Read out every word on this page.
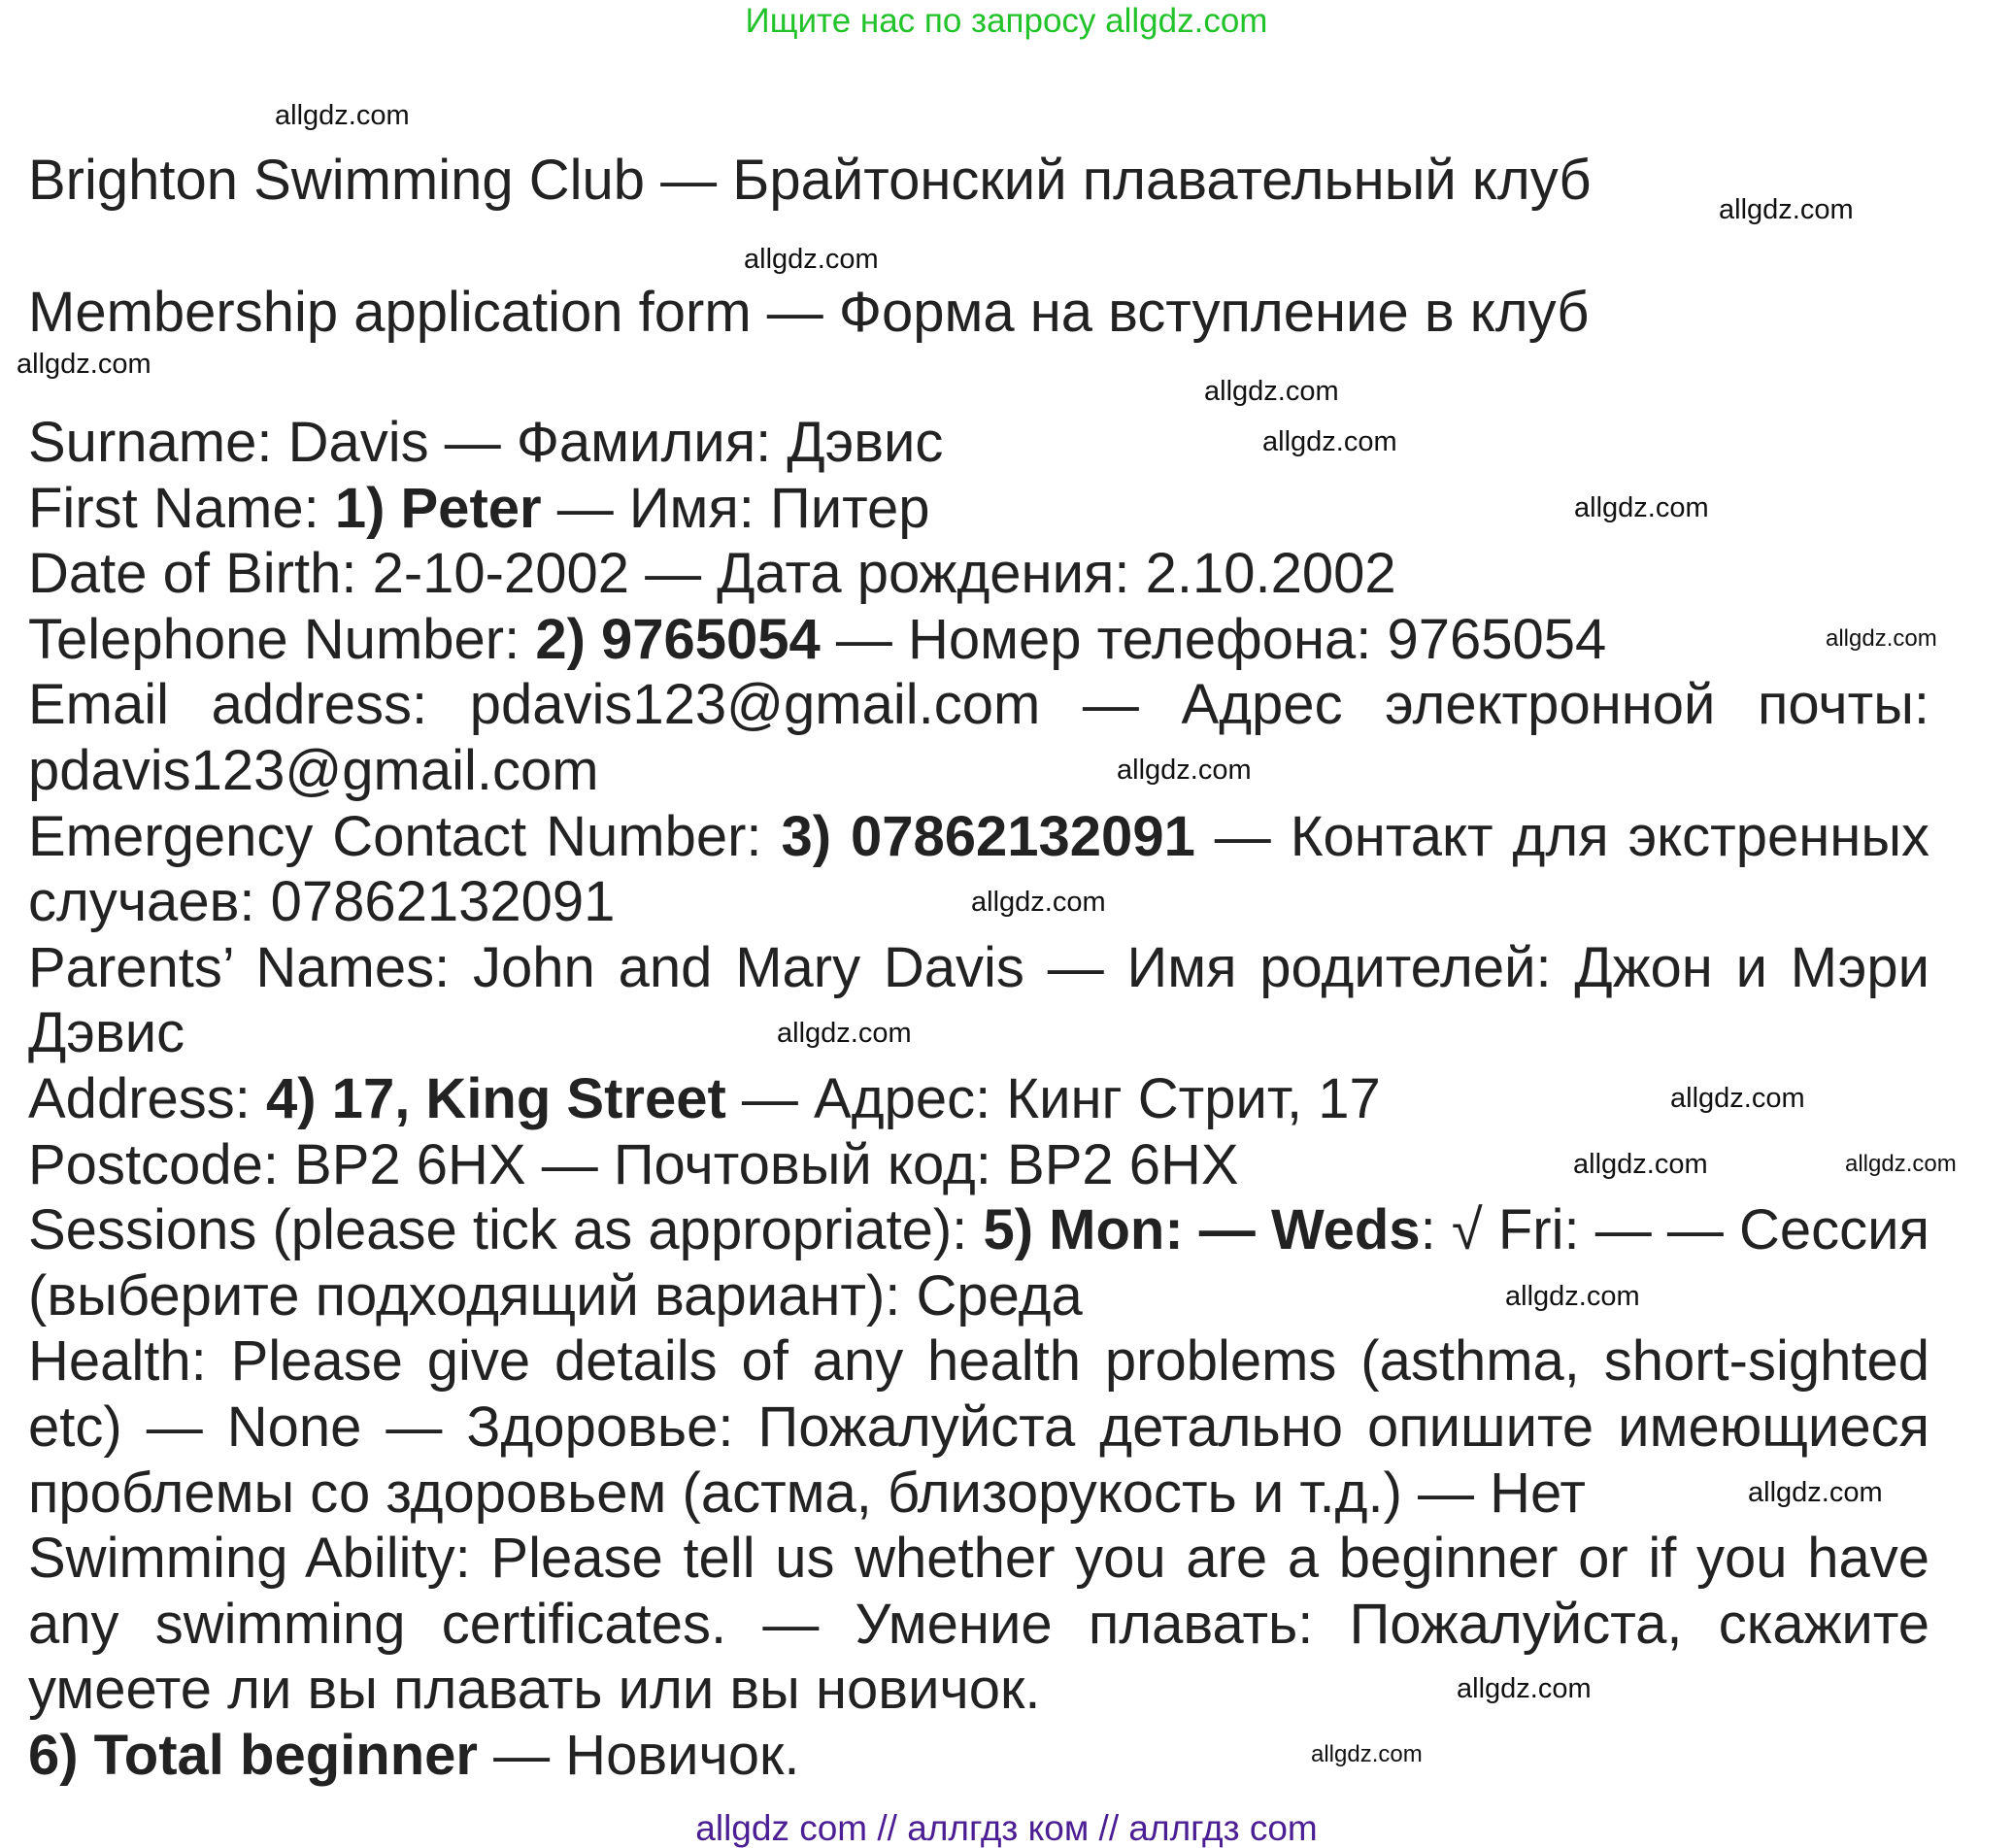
Ищите нас по запросу allgdz.com
Brighton Swimming Club — Брайтонский плавательный клуб
Membership application form — Форма на вступление в клуб

Surname: Davis — Фамилия: Дэвис

First Name: 1) Peter — Имя: Питер

Date of Birth: 2-10-2002 — Дата рождения: 2.10.2002

Telephone Number: 2) 9765054 — Номер телефона: 9765054

Email address: pdavis123@gmail.com — Адрес электронной почты: pdavis123@gmail.com

Emergency Contact Number: 3) 07862132091 — Контакт для экстренных случаев: 07862132091

Parents’ Names: John and Mary Davis — Имя родителей: Джон и Мэри Дэвис

Address: 4) 17, King Street — Адрес: Кинг Стрит, 17

Postcode: BP2 6HX — Почтовый код: BP2 6HX

Sessions (please tick as appropriate): 5) Mon: — Weds: √ Fri: — — Сессия (выберите подходящий вариант): Среда

Health: Please give details of any health problems (asthma, short-sighted etc) — None — Здоровье: Пожалуйста детально опишите имеющиеся проблемы со здоровьем (астма, близорукость и т.д.) — Нет

Swimming Ability: Please tell us whether you are a beginner or if you have any swimming certificates. — Умение плавать: Пожалуйста, скажите умеете ли вы плавать или вы новичок.

6) Total beginner — Новичок.

allgdz.com
allgdz.com
allgdz.com
allgdz.com
allgdz.com
allgdz.com
allgdz.com
allgdz.com
allgdz.com
allgdz.com
allgdz.com
allgdz.com
allgdz.com	allgdz.com
allgdz.com
allgdz.com
allgdz.com
allgdz.com
allgdz com // аллгдз ком // аллгдз com
